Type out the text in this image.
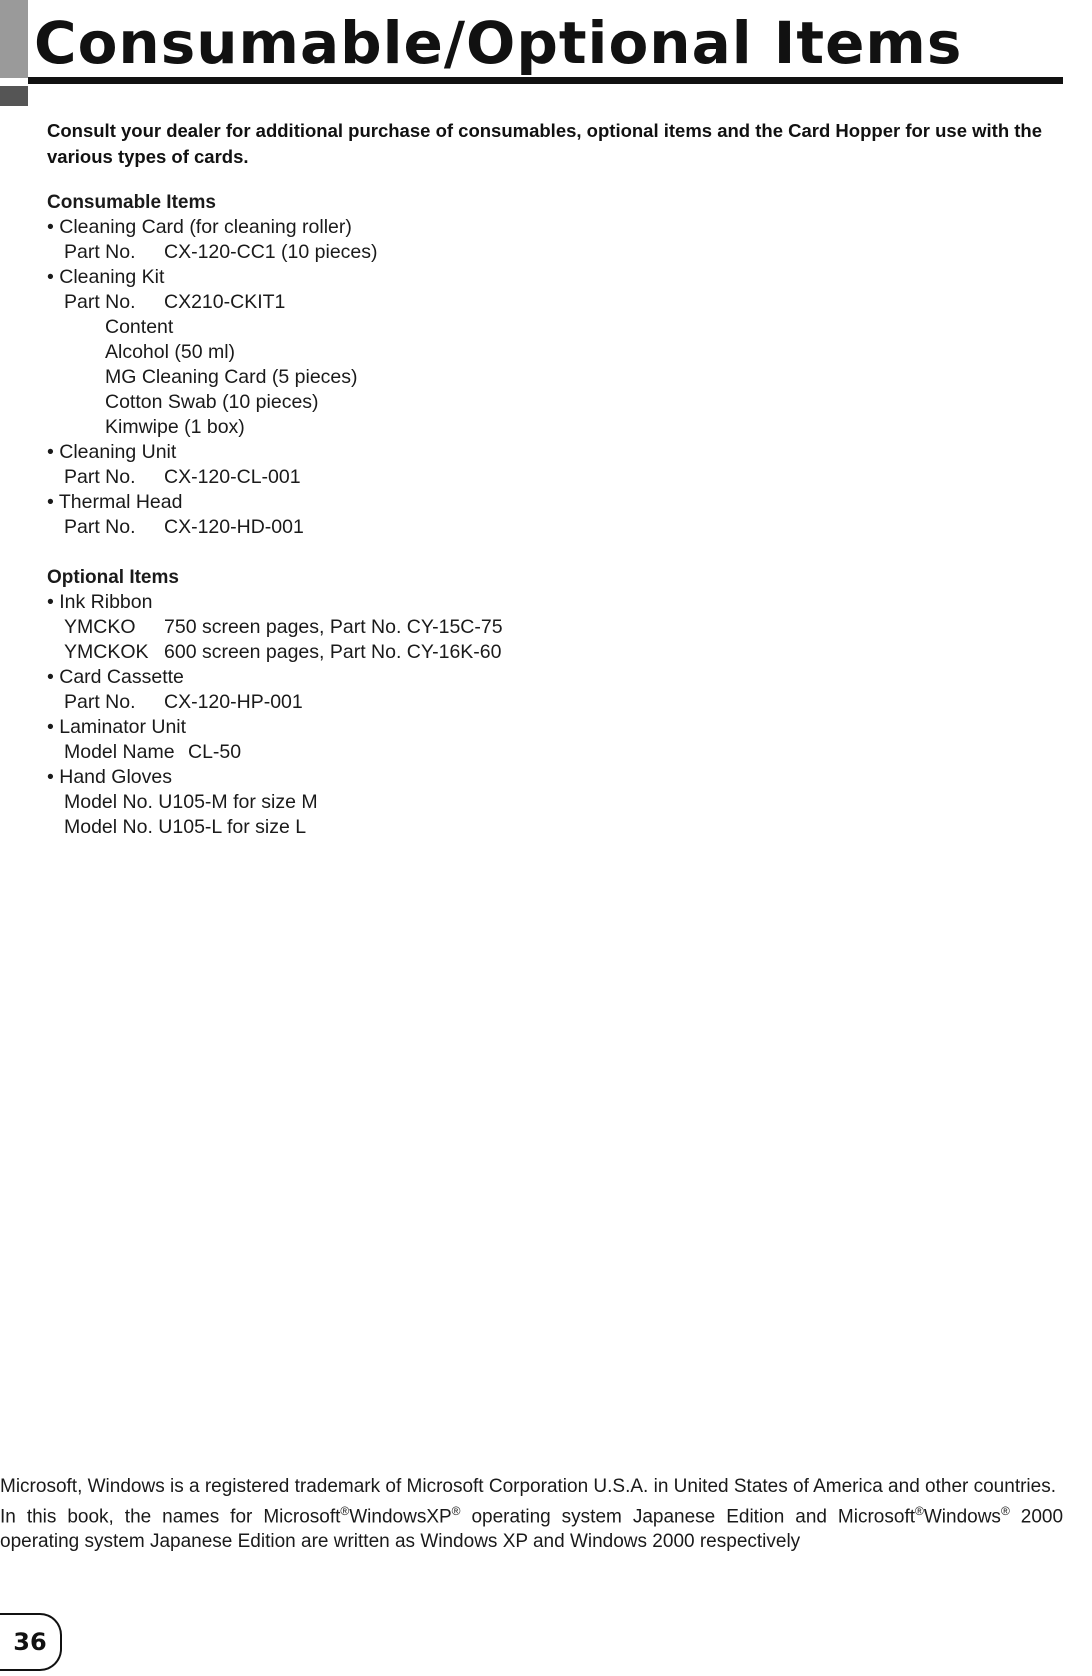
Consumable/Optional Items

Consult your dealer for additional purchase of consumables, optional items and the Card Hopper for use with the various types of cards.

Consumable Items
• Cleaning Card (for cleaning roller)
Part No. CX-120-CC1 (10 pieces)
• Cleaning Kit
Part No. CX210-CKIT1
Content
Alcohol (50 ml)
MG Cleaning Card (5 pieces)
Cotton Swab (10 pieces)
Kimwipe (1 box)
• Cleaning Unit
Part No. CX-120-CL-001
• Thermal Head
Part No. CX-120-HD-001
Optional Items
• Ink Ribbon
YMCKO 750 screen pages, Part No. CY-15C-75
YMCKOK 600 screen pages, Part No. CY-16K-60
• Card Cassette
Part No. CX-120-HP-001
• Laminator Unit
Model Name CL-50
• Hand Gloves
Model No. U105-M for size M
Model No. U105-L for size L

Microsoft, Windows is a registered trademark of Microsoft Corporation U.S.A. in United States of America and other countries.

In this book, the names for Microsoft®WindowsXP® operating system Japanese Edition and Microsoft®Windows® 2000 operating system Japanese Edition are written as Windows XP and Windows 2000 respectively

36
